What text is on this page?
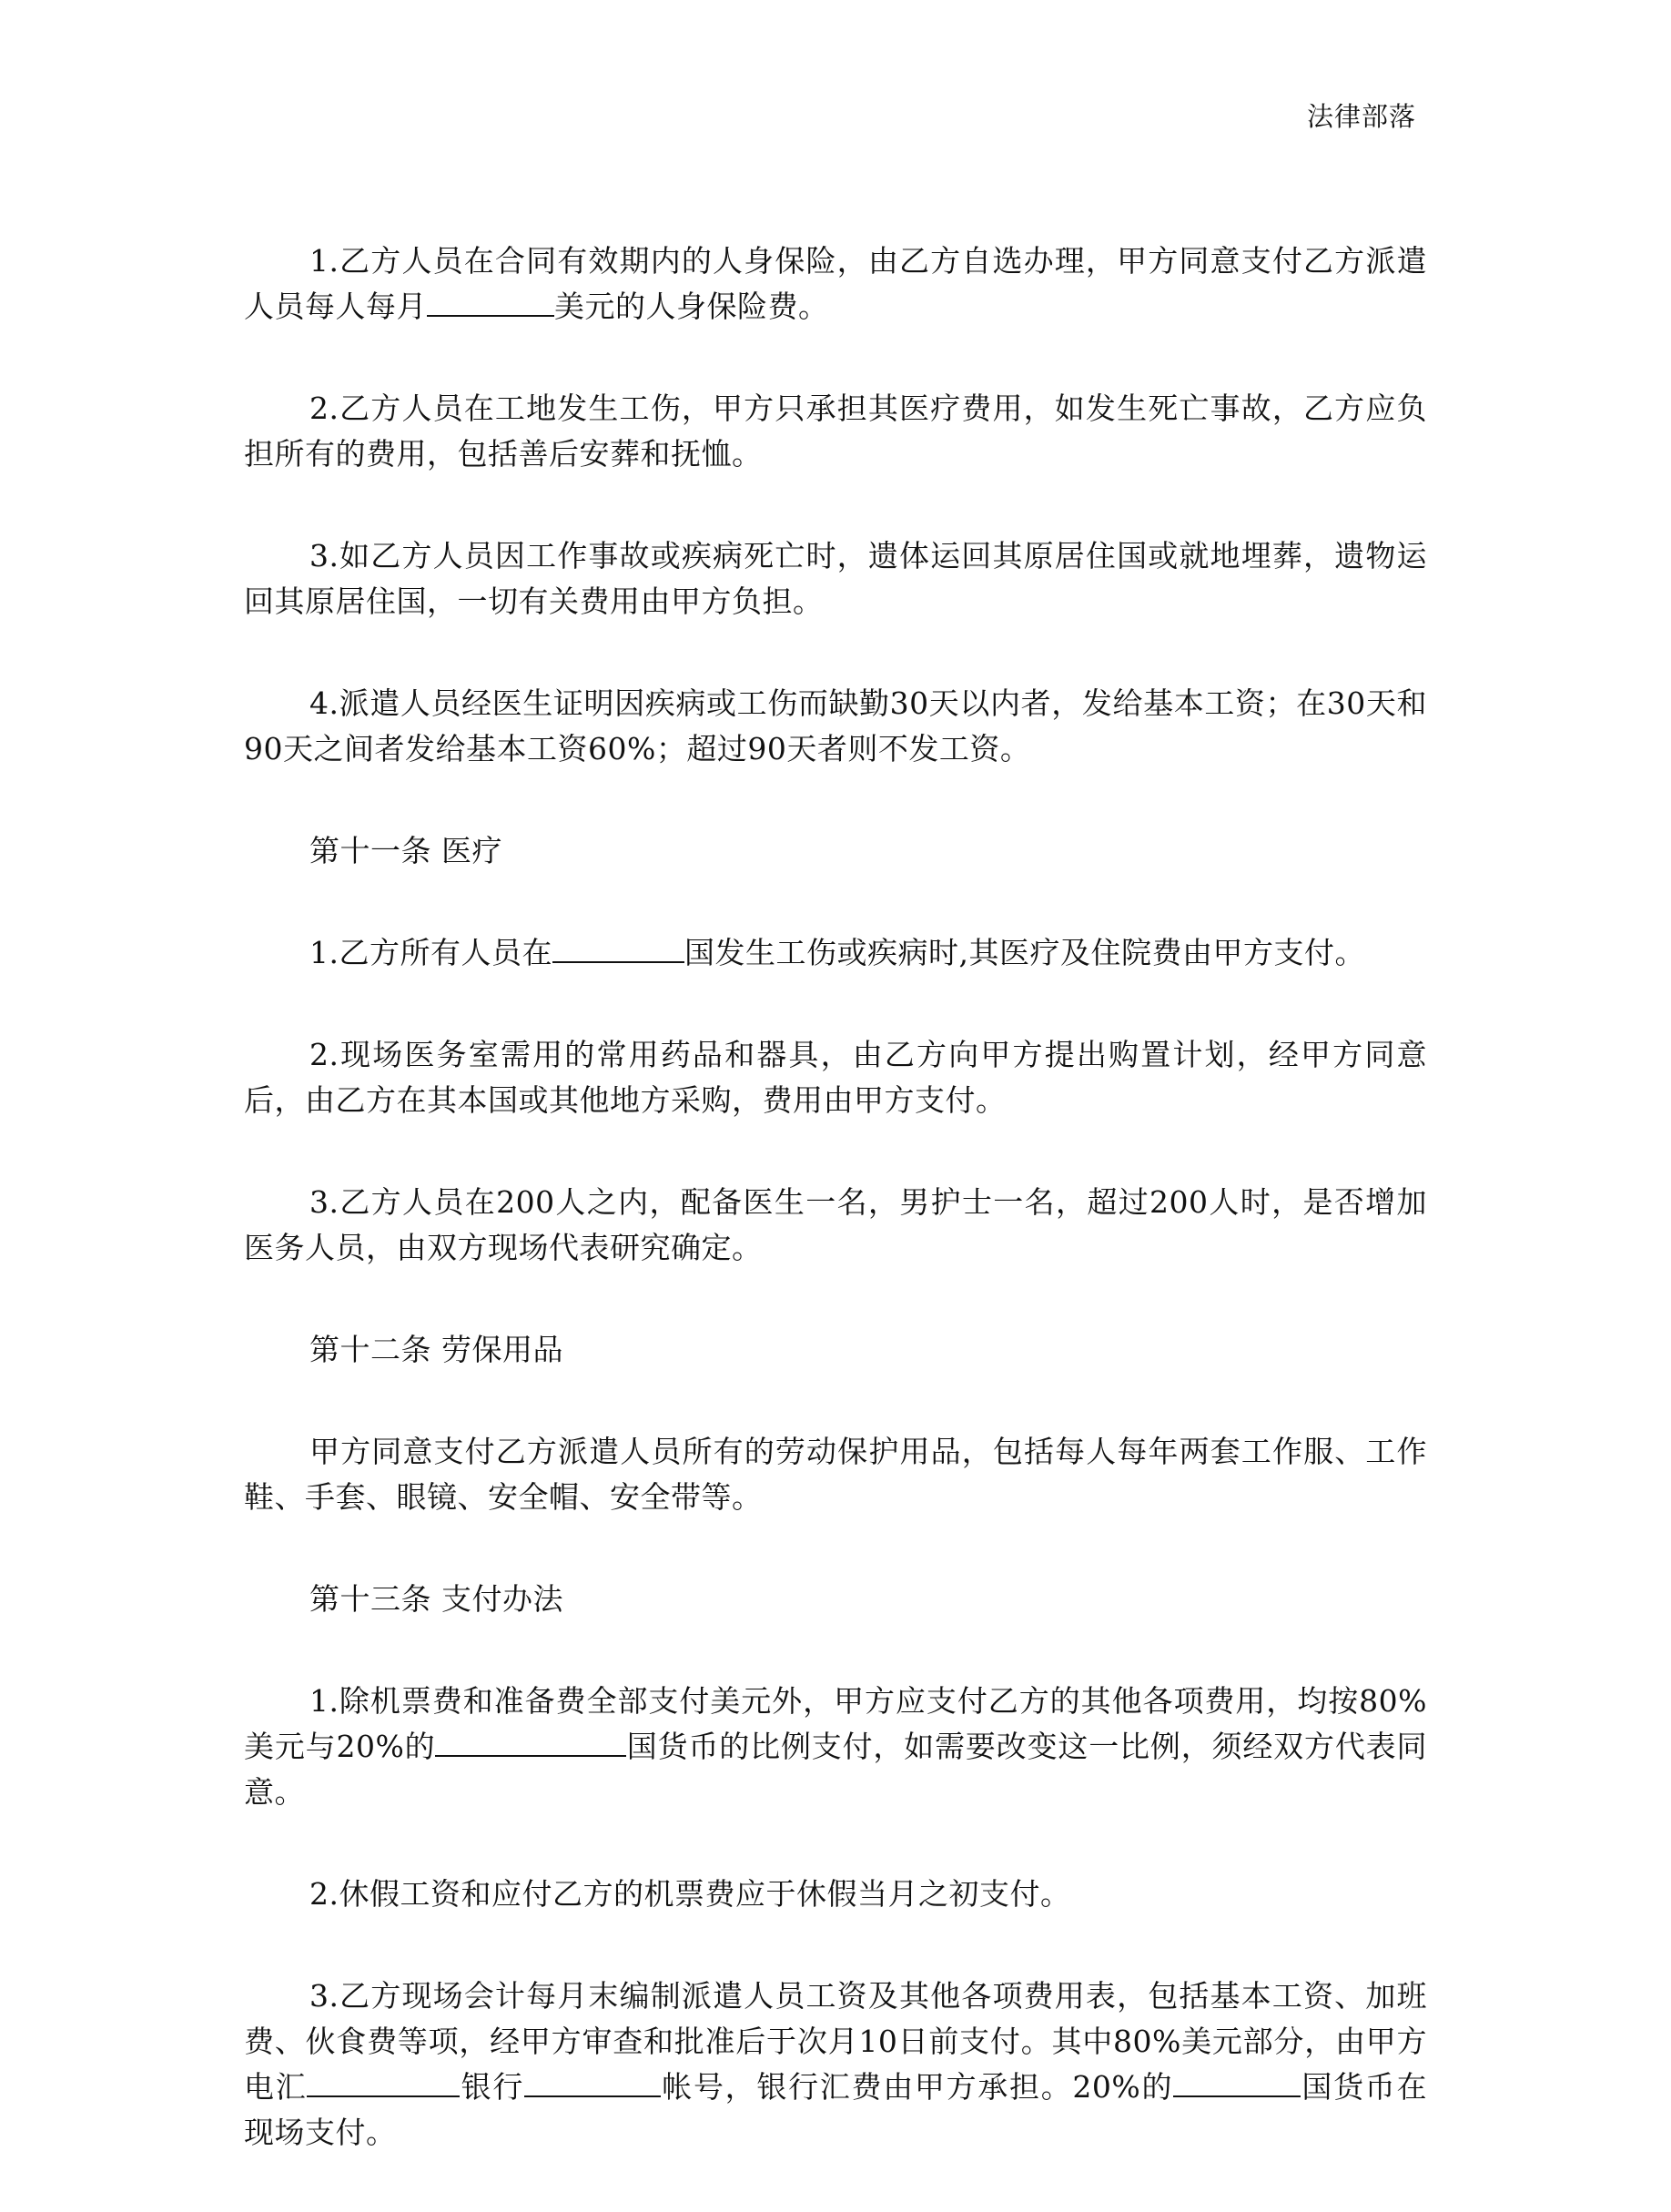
法律部落

1.乙方人员在合同有效期内的人身保险，由乙方自选办理，甲方同意支付乙方派遣人员每人每月	美元的人身保险费。

2.乙方人员在工地发生工伤，甲方只承担其医疗费用，如发生死亡事故，乙方应负担所有的费用，包括善后安葬和抚恤。

3.如乙方人员因工作事故或疾病死亡时，遗体运回其原居住国或就地埋葬，遗物运回其原居住国，一切有关费用由甲方负担。

4.派遣人员经医生证明因疾病或工伤而缺勤30天以内者，发给基本工资；在30天和90天之间者发给基本工资60%；超过90天者则不发工资。

第十一条 医疗

1.乙方所有人员在	国发生工伤或疾病时,其医疗及住院费由甲方支付。

2.现场医务室需用的常用药品和器具，由乙方向甲方提出购置计划，经甲方同意后，由乙方在其本国或其他地方采购，费用由甲方支付。

3.乙方人员在200人之内，配备医生一名，男护士一名，超过200人时，是否增加医务人员，由双方现场代表研究确定。

第十二条 劳保用品

甲方同意支付乙方派遣人员所有的劳动保护用品，包括每人每年两套工作服、工作鞋、手套、眼镜、安全帽、安全带等。

第十三条 支付办法

1.除机票费和准备费全部支付美元外，甲方应支付乙方的其他各项费用，均按80%美元与20%的	国货币的比例支付，如需要改变这一比例，须经双方代表同意。

2.休假工资和应付乙方的机票费应于休假当月之初支付。

3.乙方现场会计每月末编制派遣人员工资及其他各项费用表，包括基本工资、加班费、伙食费等项，经甲方审查和批准后于次月10日前支付。其中80%美元部分，由甲方电汇	银行	帐号，银行汇费由甲方承担。20%的	国货币在现场支付。
